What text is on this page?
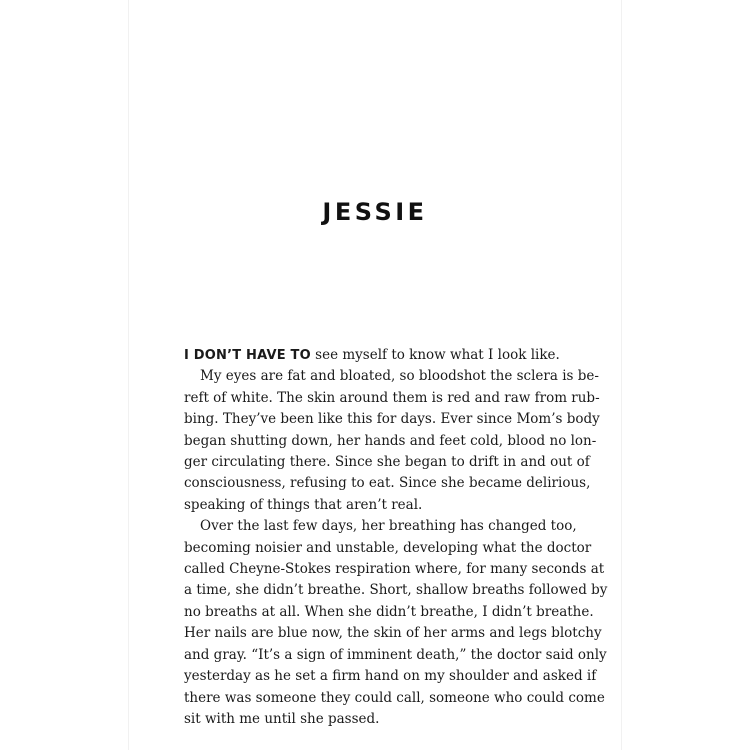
JESSIE
I DON’T HAVE TO see myself to know what I look like.
My eyes are fat and bloated, so bloodshot the sclera is be-
reft of white. The skin around them is red and raw from rub-
bing. They’ve been like this for days. Ever since Mom’s body
began shutting down, her hands and feet cold, blood no lon-
ger circulating there. Since she began to drift in and out of
consciousness, refusing to eat. Since she became delirious,
speaking of things that aren’t real.
Over the last few days, her breathing has changed too,
becoming noisier and unstable, developing what the doctor
called Cheyne-Stokes respiration where, for many seconds at
a time, she didn’t breathe. Short, shallow breaths followed by
no breaths at all. When she didn’t breathe, I didn’t breathe.
Her nails are blue now, the skin of her arms and legs blotchy
and gray. “It’s a sign of imminent death,” the doctor said only
yesterday as he set a firm hand on my shoulder and asked if
there was someone they could call, someone who could come
sit with me until she passed.
